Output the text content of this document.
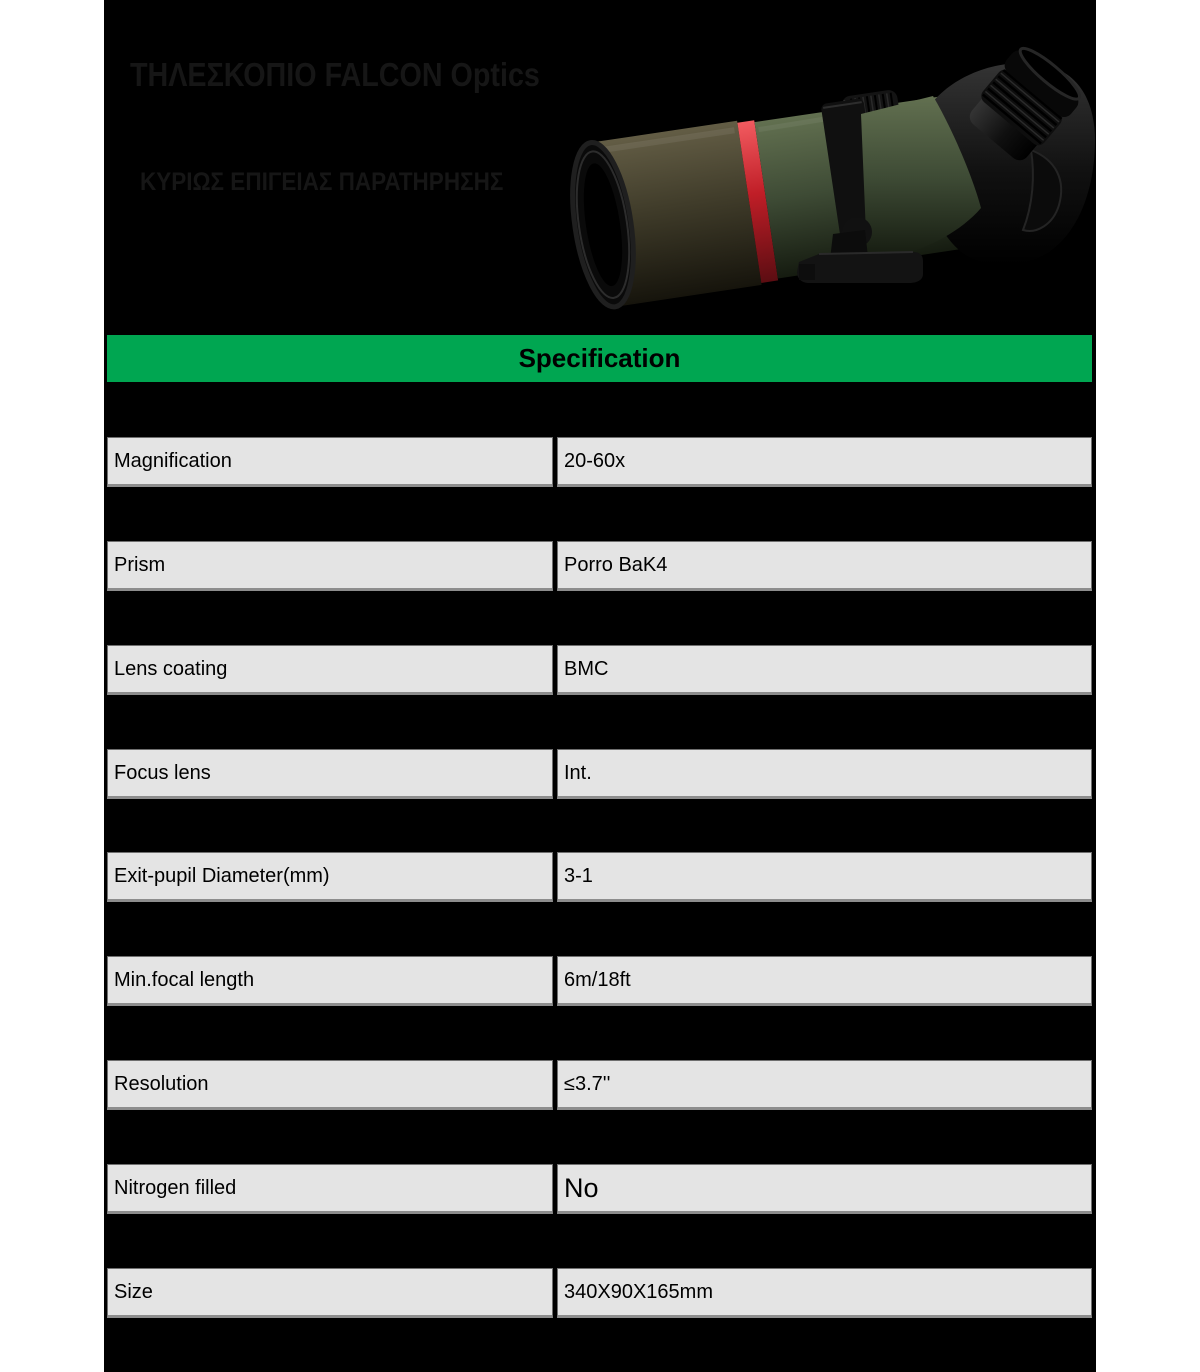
ΤΗΛΕΣΚΟΠΙΟ FALCON Optics
ΚΥΡΙΩΣ ΕΠΙΓΕΙΑΣ ΠΑΡΑΤΗΡΗΣΗΣ
Specification
Magnification	20-60x
Prism	Porro BaK4
Lens coating	BMC
Focus lens	Int.
Exit-pupil Diameter(mm)	3-1
Min.focal length	6m/18ft
Resolution	≤3.7''
Nitrogen filled	No
Size	340X90X165mm
